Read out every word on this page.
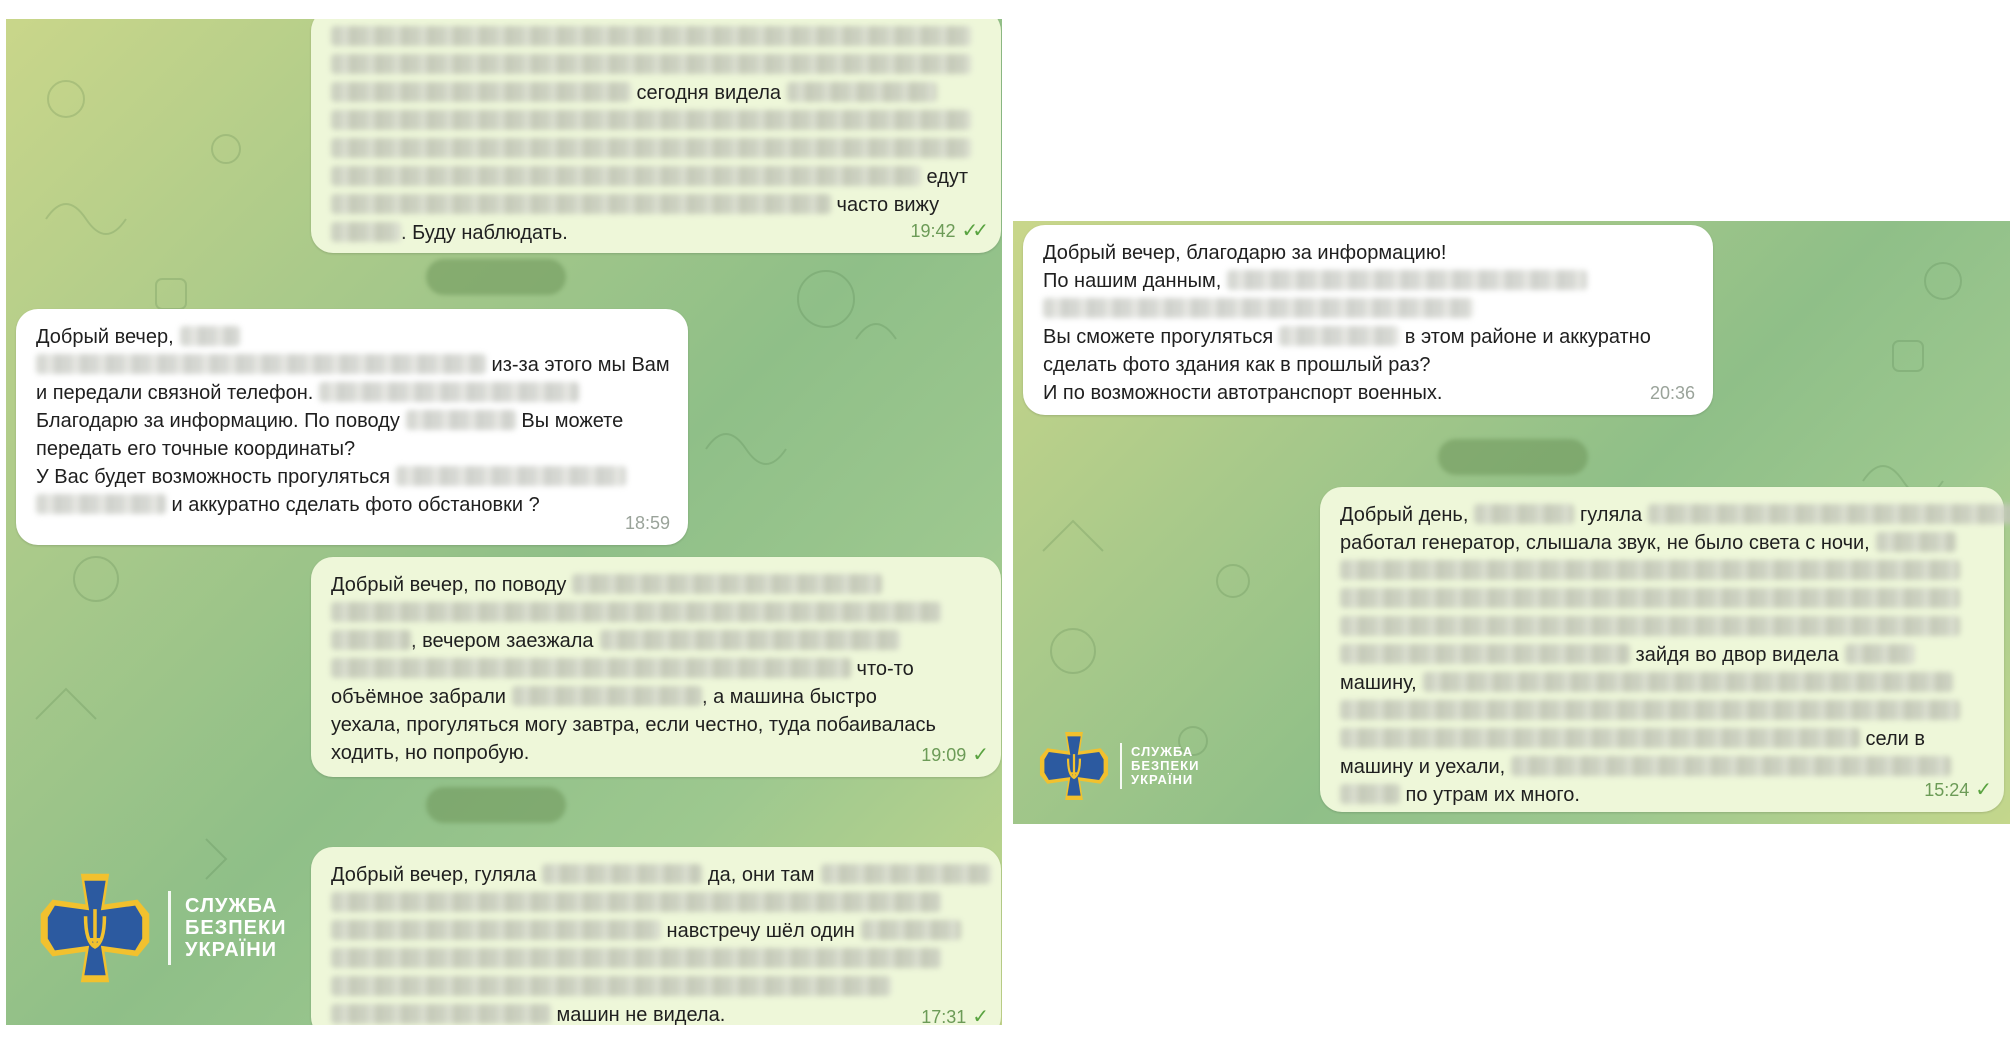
сегодня видела
едут
часто вижу
. Буду наблюдать.	19:42 ✓✓
Добрый вечер,
из-за этого мы Вам
и передали связной телефон.
Благодарю за информацию. По поводу	Вы можете
передать его точные координаты?
У Вас будет возможность прогуляться
и аккуратно сделать фото обстановки ?
18:59
Добрый вечер, по поводу
, вечером заезжала
что-то
объёмное забрали	, а машина быстро
уехала, прогуляться могу завтра, если честно, туда побаивалась
ходить, но попробую.	19:09 ✓
Добрый вечер, гуляла	да, они там
навстречу шёл один
машин не видела.	17:31 ✓
СЛУЖБА
БЕЗПЕКИ
УКРАЇНИ
Добрый вечер, благодарю за информацию!
По нашим данным,
Вы сможете прогуляться	в этом районе и аккуратно
сделать фото здания как в прошлый раз?
И по возможности автотранспорт военных.	20:36
Добрый день,	гуляла
работал генератор, слышала звук, не было света с ночи,
зайдя во двор видела
машину,
сели в
машину и уехали,
по утрам их много.	15:24 ✓
СЛУЖБА
БЕЗПЕКИ
УКРАЇНИ
